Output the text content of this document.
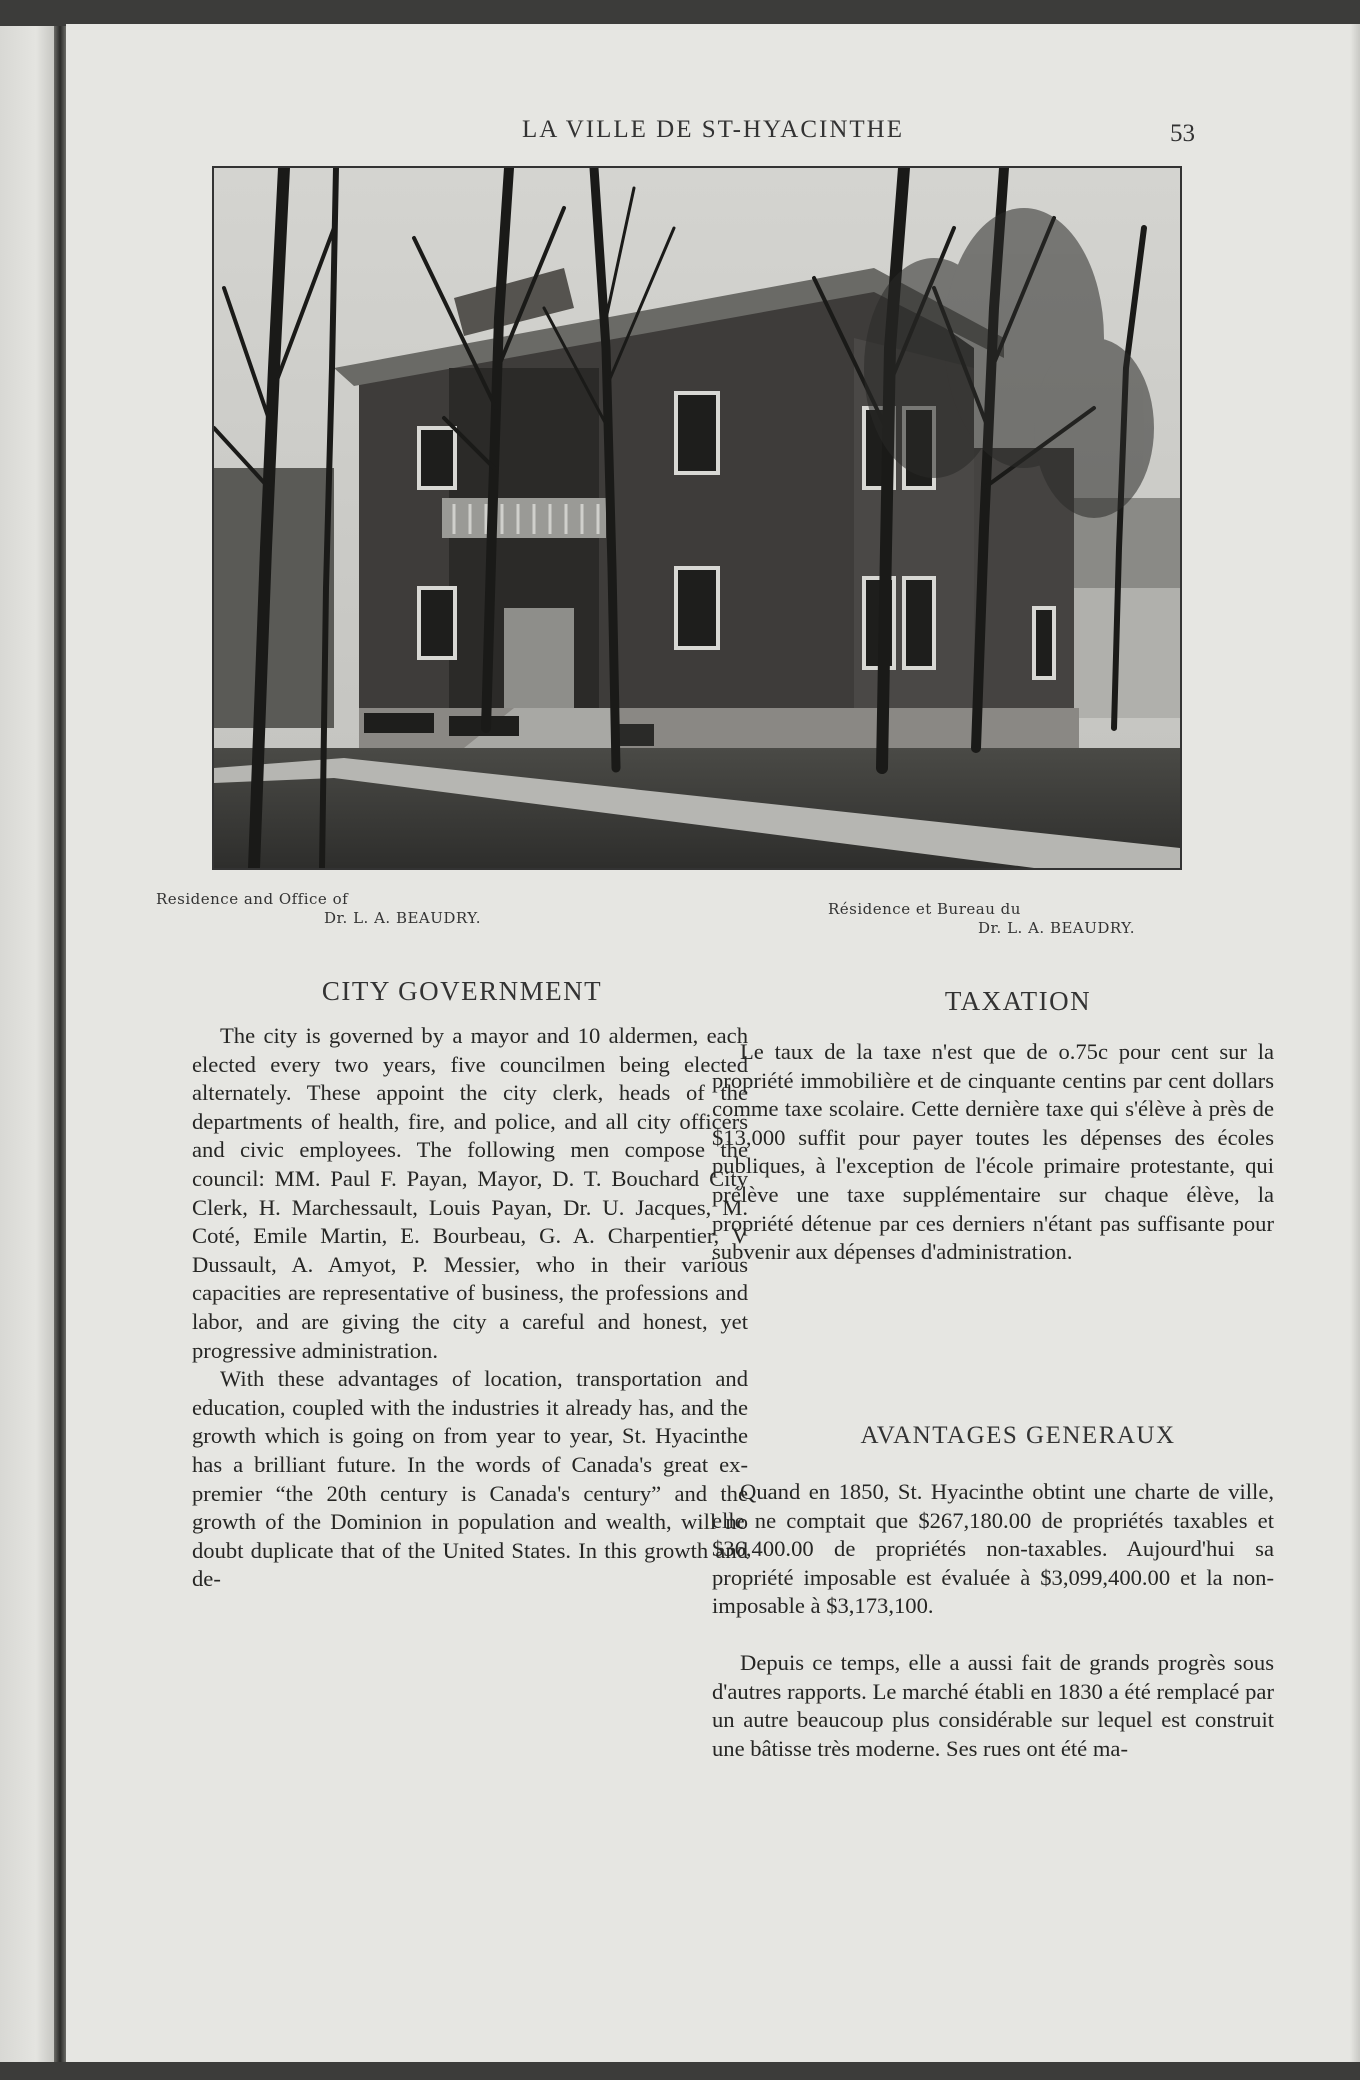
LA VILLE DE ST-HYACINTHE	53
Residence and Office of
Dr. L. A. BEAUDRY.	Résidence et Bureau du
Dr. L. A. BEAUDRY.
CITY GOVERNMENT

The city is governed by a mayor and 10 aldermen, each elected every two years, five councilmen being elected alternately. These appoint the city clerk, heads of the departments of health, fire, and police, and all city officers and civic employees. The following men compose the council: MM. Paul F. Payan, Mayor, D. T. Bouchard City Clerk, H. Marchessault, Louis Payan, Dr. U. Jacques, M. Coté, Emile Martin, E. Bourbeau, G. A. Charpentier, V Dussault, A. Amyot, P. Messier, who in their various capacities are representative of business, the professions and labor, and are giving the city a careful and honest, yet progressive administration.

With these advantages of location, transportation and education, coupled with the industries it already has, and the growth which is going on from year to year, St. Hyacinthe has a brilliant future. In the words of Canada's great ex-premier “the 20th century is Canada's century” and the growth of the Dominion in population and wealth, will no doubt duplicate that of the United States. In this growth and de-

TAXATION

Le taux de la taxe n'est que de o.75c pour cent sur la propriété immobilière et de cinquante centins par cent dollars comme taxe scolaire. Cette dernière taxe qui s'élève à près de $13,000 suffit pour payer toutes les dépenses des écoles publiques, à l'exception de l'école primaire protestante, qui prélève une taxe supplémentaire sur chaque élève, la propriété détenue par ces derniers n'étant pas suffisante pour subvenir aux dépenses d'administration.

AVANTAGES GENERAUX

Quand en 1850, St. Hyacinthe obtint une charte de ville, elle ne comptait que $267,180.00 de propriétés taxables et $36,400.00 de propriétés non-taxables. Aujourd'hui sa propriété imposable est évaluée à $3,099,400.00 et la non-imposable à $3,173,100.

Depuis ce temps, elle a aussi fait de grands progrès sous d'autres rapports. Le marché établi en 1830 a été remplacé par un autre beaucoup plus considérable sur lequel est construit une bâtisse très moderne. Ses rues ont été ma-
